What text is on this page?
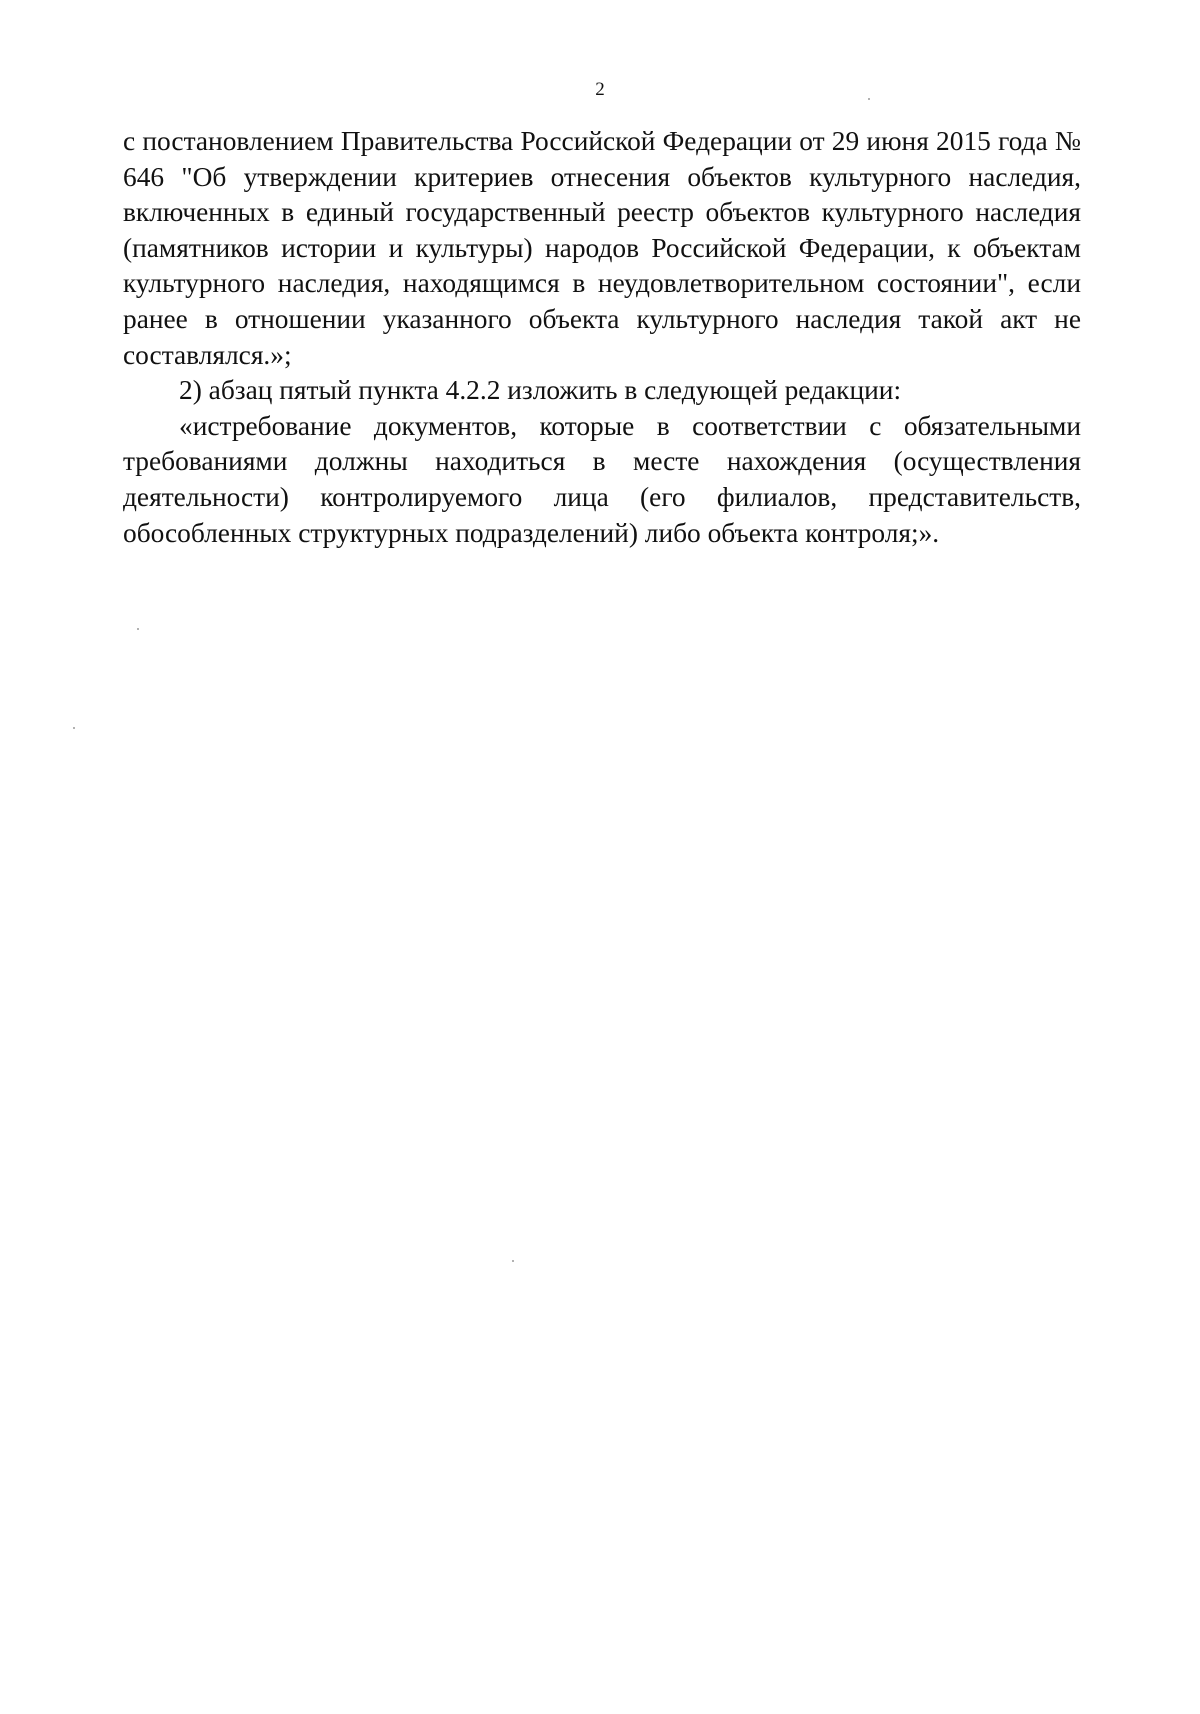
2

с постановлением Правительства Российской Федерации от 29 июня 2015 года № 646 "Об утверждении критериев отнесения объектов культурного наследия, включенных в единый государственный реестр объектов культурного наследия (памятников истории и культуры) народов Российской Федерации, к объектам культурного наследия, находящимся в неудовлетворительном состоянии", если ранее в отношении указанного объекта культурного наследия такой акт не составлялся.»;

2) абзац пятый пункта 4.2.2 изложить в следующей редакции:

«истребование документов, которые в соответствии с обязательными требованиями должны находиться в месте нахождения (осуществления деятельности) контролируемого лица (его филиалов, представительств, обособленных структурных подразделений) либо объекта контроля;».
